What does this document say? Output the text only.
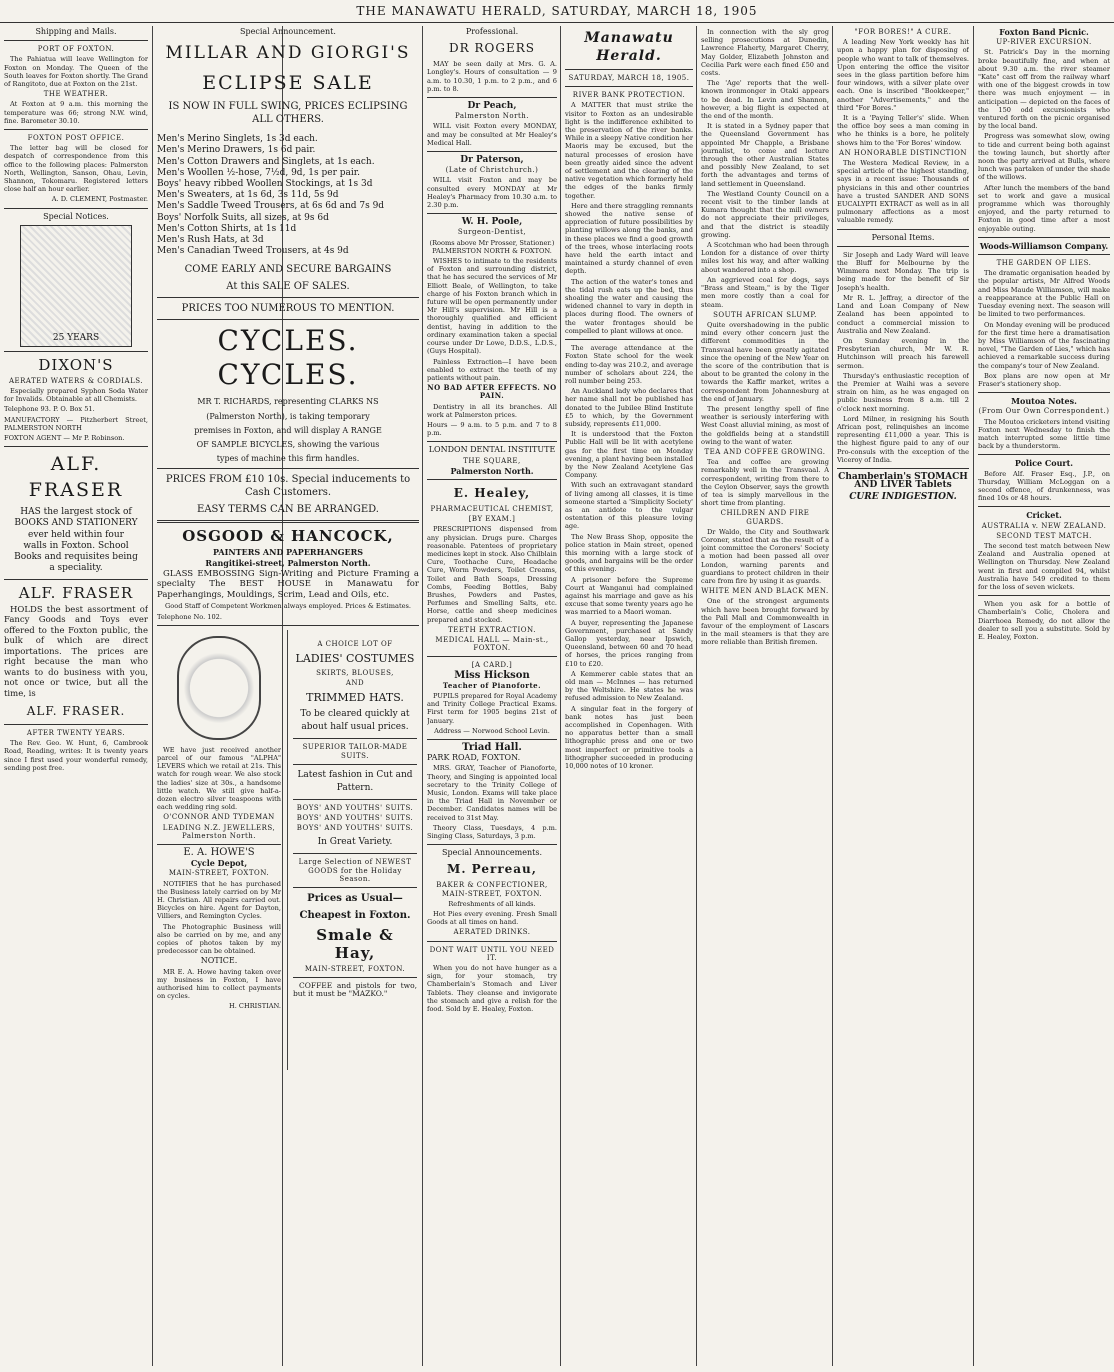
THE MANAWATU HERALD, SATURDAY, MARCH 18, 1905
Shipping and Mails.
PORT OF FOXTON.

The Pahiatua will leave Wellington for Foxton on Monday. The Queen of the South leaves for Foxton shortly. The Grand of Rangitoto, due at Foxton on the 21st.

THE WEATHER.

At Foxton at 9 a.m. this morning the temperature was 66; strong N.W. wind, fine. Barometer 30.10.

FOXTON POST OFFICE.

The letter bag will be closed for despatch of correspondence from this office to the following places: Palmerston North, Wellington, Sanson, Ohau, Levin, Shannon, Tokomaru. Registered letters close half an hour earlier.

A. D. CLEMENT, Postmaster.

Special Notices.
25 YEARS
DIXON'S
AERATED WATERS & CORDIALS.

Especially prepared Syphon Soda Water for Invalids. Obtainable at all Chemists.

Telephone 93. P. O. Box 51.

MANUFACTORY — Pitzherbert Street, PALMERSTON NORTH

FOXTON AGENT — Mr P. Robinson.

ALF. FRASER
HAS the largest stock of
BOOKS AND STATIONERY
ever held within four
walls in Foxton. School
Books and requisites being
a speciality.
ALF. FRASER

HOLDS the best assortment of Fancy Goods and Toys ever offered to the Foxton public, the bulk of which are direct importations. The prices are right because the man who wants to do business with you, not once or twice, but all the time, is

ALF. FRASER.
AFTER TWENTY YEARS.

The Rev. Geo. W. Hunt, 6, Cambrook Road, Reading, writes: It is twenty years since I first used your wonderful remedy, sending post free.

Special Announcement.
MILLAR AND GIORGI'S
ECLIPSE SALE
IS NOW IN FULL SWING, PRICES ECLIPSING ALL OTHERS.
Men's Merino Singlets, 1s 3d each.
Men's Merino Drawers, 1s 6d pair.
Men's Cotton Drawers and Singlets, at 1s each.
Men's Woollen ½-hose, 7½d, 9d, 1s per pair.
Boys' heavy ribbed Woollen Stockings, at 1s 3d
Men's Sweaters, at 1s 6d, 3s 11d, 5s 9d
Men's Saddle Tweed Trousers, at 6s 6d and 7s 9d
Boys' Norfolk Suits, all sizes, at 9s 6d
Men's Cotton Shirts, at 1s 11d
Men's Rush Hats, at 3d
Men's Canadian Tweed Trousers, at 4s 9d
COME EARLY AND SECURE BARGAINS
At this SALE OF SALES.
PRICES TOO NUMEROUS TO MENTION.
CYCLES. CYCLES.
MR T. RICHARDS, representing CLARKS NS
(Palmerston North), is taking temporary
premises in Foxton, and will display A RANGE
OF SAMPLE BICYCLES, showing the various
types of machine this firm handles.
PRICES FROM £10 10s. Special inducements to Cash Customers.
EASY TERMS CAN BE ARRANGED.
OSGOOD & HANCOCK,
PAINTERS AND PAPERHANGERS
Rangitikei-street, Palmerston North.

GLASS EMBOSSING Sign-Writing and Picture Framing a specialty The BEST HOUSE in Manawatu for Paperhangings, Mouldings, Scrim, Lead and Oils, etc.

Good Staff of Competent Workmen always employed. Prices & Estimates.

Telephone No. 102.

WE have just received another parcel of our famous "ALPHA" LEVERS which we retail at 21s. This watch for rough wear. We also stock the ladies' size at 30s., a handsome little watch. We still give half-a-dozen electro silver teaspoons with each wedding ring sold.

O'CONNOR AND TYDEMAN
LEADING N.Z. JEWELLERS, Palmerston North.
E. A. HOWE'S
Cycle Depot,
MAIN-STREET, FOXTON.

NOTIFIES that he has purchased the Business lately carried on by Mr H. Christian. All repairs carried out. Bicycles on hire. Agent for Dayton, Villiers, and Remington Cycles.

The Photographic Business will also be carried on by me, and any copies of photos taken by my predecessor can be obtained.

NOTICE.

MR E. A. Howe having taken over my business in Foxton, I have authorised him to collect payments on cycles.

H. CHRISTIAN.

A CHOICE LOT OF
LADIES' COSTUMES
SKIRTS, BLOUSES,
AND
TRIMMED HATS.
To be cleared quickly at about half usual prices.
SUPERIOR TAILOR-MADE SUITS.
Latest fashion in Cut and Pattern.
BOYS' AND YOUTHS' SUITS.
BOYS' AND YOUTHS' SUITS.
BOYS' AND YOUTHS' SUITS.
In Great Variety.
Large Selection of NEWEST GOODS for the Holiday Season.
Prices as Usual—
Cheapest in Foxton.
Smale & Hay,
MAIN-STREET, FOXTON.

COFFEE and pistols for two, but it must be "MAZKO."

Professional.
DR ROGERS

MAY be seen daily at Mrs. G. A. Longley's. Hours of consultation — 9 a.m. to 10.30, 1 p.m. to 2 p.m., and 6 p.m. to 8.

Dr Peach,
Palmerston North.

WILL visit Foxton every MONDAY, and may be consulted at Mr Healey's Medical Hall.

Dr Paterson,
(Late of Christchurch.)

WILL visit Foxton and may be consulted every MONDAY at Mr Healey's Pharmacy from 10.30 a.m. to 2.30 p.m.

W. H. Poole,
Surgeon-Dentist,

(Rooms above Mr Prosser, Stationer.) PALMERSTON NORTH & FOXTON.

WISHES to intimate to the residents of Foxton and surrounding district, that he has secured the services of Mr Elliott Beale, of Wellington, to take charge of his Foxton branch which in future will be open permanently under Mr Hill's supervision. Mr Hill is a thoroughly qualified and efficient dentist, having in addition to the ordinary examination taken a special course under Dr Lowe, D.D.S., L.D.S., (Guys Hospital).

Painless Extraction—I have been enabled to extract the teeth of my patients without pain.

NO BAD AFTER EFFECTS. NO PAIN.

Dentistry in all its branches. All work at Palmerston prices.

Hours — 9 a.m. to 5 p.m. and 7 to 8 p.m.

LONDON DENTAL INSTITUTE
THE SQUARE,
Palmerston North.
E. Healey,
PHARMACEUTICAL CHEMIST,
[BY EXAM.]

PRESCRIPTIONS dispensed from any physician. Drugs pure. Charges reasonable. Patentees of proprietary medicines kept in stock. Also Chilblain Cure, Toothache Cure, Headache Cure, Worm Powders, Toilet Creams, Toilet and Bath Soaps, Dressing Combs, Feeding Bottles, Baby Brushes, Powders and Pastes, Perfumes and Smelling Salts, etc. Horse, cattle and sheep medicines prepared and stocked.

TEETH EXTRACTION.
MEDICAL HALL — Main-st., FOXTON.
[A CARD.]
Miss Hickson
Teacher of Pianoforte.

PUPILS prepared for Royal Academy and Trinity College Practical Exams. First term for 1905 begins 21st of January.

Address — Norwood School Levin.

Triad Hall.

PARK ROAD, FOXTON.

MRS. GRAY, Teacher of Pianoforte, Theory, and Singing is appointed local secretary to the Trinity College of Music, London. Exams will take place in the Triad Hall in November or December. Candidates names will be received to 31st May.

Theory Class, Tuesdays, 4 p.m. Singing Class, Saturdays, 3 p.m.

Special Announcements.
M. Perreau,
BAKER & CONFECTIONER, MAIN-STREET, FOXTON.

Refreshments of all kinds.

Hot Pies every evening. Fresh Small Goods at all times on hand.

AERATED DRINKS.
DONT WAIT UNTIL YOU NEED IT.

When you do not have hunger as a sign, for your stomach, try Chamberlain's Stomach and Liver Tablets. They cleanse and invigorate the stomach and give a relish for the food. Sold by E. Healey, Foxton.

Manawatu Herald.
SATURDAY, MARCH 18, 1905.
RIVER BANK PROTECTION.

A MATTER that must strike the visitor to Foxton as an undesirable light is the indifference exhibited to the preservation of the river banks. While in a sleepy Native condition her Maoris may be excused, but the natural processes of erosion have been greatly aided since the advent of settlement and the clearing of the native vegetation which formerly held the edges of the banks firmly together.

Here and there straggling remnants showed the native sense of appreciation of future possibilities by planting willows along the banks, and in these places we find a good growth of the trees, whose interlacing roots have held the earth intact and maintained a sturdy channel of even depth.

The action of the water's tones and the tidal rush eats up the bed, thus shoaling the water and causing the widened channel to vary in depth in places during flood. The owners of the water frontages should be compelled to plant willows at once.

The average attendance at the Foxton State school for the week ending to-day was 210.2, and average number of scholars about 224, the roll number being 253.

An Auckland lady who declares that her name shall not be published has donated to the Jubilee Blind Institute £5 to which, by the Government subsidy, represents £11,000.

It is understood that the Foxton Public Hall will be lit with acetylene gas for the first time on Monday evening, a plant having been installed by the New Zealand Acetylene Gas Company.

With such an extravagant standard of living among all classes, it is time someone started a 'Simplicity Society' as an antidote to the vulgar ostentation of this pleasure loving age.

The New Brass Shop, opposite the police station in Main street, opened this morning with a large stock of goods, and bargains will be the order of this evening.

A prisoner before the Supreme Court at Wanganui had complained against his marriage and gave as his excuse that some twenty years ago he was married to a Maori woman.

A buyer, representing the Japanese Government, purchased at Sandy Gallop yesterday, near Ipswich, Queensland, between 60 and 70 head of horses, the prices ranging from £10 to £20.

A Kemmerer cable states that an old man — McInnes — has returned by the Weltshire. He states he was refused admission to New Zealand.

A singular feat in the forgery of bank notes has just been accomplished in Copenhagen. With no apparatus better than a small lithographic press and one or two most imperfect or primitive tools a lithographer succeeded in producing 10,000 notes of 10 kroner.

In connection with the sly grog selling prosecutions at Dunedin, Lawrence Flaherty, Margaret Cherry, May Golder, Elizabeth Johnston and Cecilia Park were each fined £50 and costs.

The 'Age' reports that the well-known ironmonger in Otaki appears to be dead. In Levin and Shannon, however, a big flight is expected at the end of the month.

It is stated in a Sydney paper that the Queensland Government has appointed Mr Chapple, a Brisbane journalist, to come and lecture through the other Australian States and possibly New Zealand, to set forth the advantages and terms of land settlement in Queensland.

The Westland County Council on a recent visit to the timber lands at Kumara thought that the mill owners do not appreciate their privileges, and that the district is steadily growing.

A Scotchman who had been through London for a distance of over thirty miles lost his way, and after walking about wandered into a shop.

An aggrieved coal for dogs, says "Brass and Steam," is by the Tiger men more costly than a coal for steam.

SOUTH AFRICAN SLUMP.

Quite overshadowing in the public mind every other concern just the different commodities in the Transvaal have been greatly agitated since the opening of the New Year on the score of the contribution that is about to be granted the colony in the towards the Kaffir market, writes a correspondent from Johannesburg at the end of January.

The present lengthy spell of fine weather is seriously interfering with West Coast alluvial mining, as most of the goldfields being at a standstill owing to the want of water.

TEA AND COFFEE GROWING.

Tea and coffee are growing remarkably well in the Transvaal. A correspondent, writing from there to the Ceylon Observer, says the growth of tea is simply marvellous in the short time from planting.

CHILDREN AND FIRE GUARDS.

Dr Waldo, the City and Southwark Coroner, stated that as the result of a joint committee the Coroners' Society a motion had been passed all over London, warning parents and guardians to protect children in their care from fire by using it as guards.

WHITE MEN AND BLACK MEN.

One of the strongest arguments which have been brought forward by the Pall Mall and Commonwealth in favour of the employment of Lascars in the mail steamers is that they are more reliable than British firemen.

"FOR BORES!" A CURE.

A leading New York weekly has hit upon a happy plan for disposing of people who want to talk of themselves. Upon entering the office the visitor sees in the glass partition before him four windows, with a silver plate over each. One is inscribed "Bookkeeper," another "Advertisements," and the third "For Bores."

It is a 'Paying Teller's' slide. When the office boy sees a man coming in who he thinks is a bore, he politely shows him to the 'For Bores' window.

AN HONORABLE DISTINCTION

The Westera Medical Review, in a special article of the highest standing, says in a recent issue: Thousands of physicians in this and other countries have a trusted SANDER AND SONS EUCALYPTI EXTRACT as well as in all pulmonary affections as a most valuable remedy.

Personal Items.

Sir Joseph and Lady Ward will leave the Bluff for Melbourne by the Wimmera next Monday. The trip is being made for the benefit of Sir Joseph's health.

Mr R. L. Jeffray, a director of the Land and Loan Company of New Zealand has been appointed to conduct a commercial mission to Australia and New Zealand.

On Sunday evening in the Presbyterian church, Mr W. R. Hutchinson will preach his farewell sermon.

Thursday's enthusiastic reception of the Premier at Waihi was a severe strain on him, as he was engaged on public business from 8 a.m. till 2 o'clock next morning.

Lord Milner, in resigning his South African post, relinquishes an income representing £11,000 a year. This is the highest figure paid to any of our Pro-consuls with the exception of the Viceroy of India.

Chamberlain's STOMACH AND LIVER Tablets
CURE INDIGESTION.
Foxton Band Picnic.
UP-RIVER EXCURSION.

St. Patrick's Day in the morning broke beautifully fine, and when at about 9.30 a.m. the river steamer "Kate" cast off from the railway wharf with one of the biggest crowds in tow there was much enjoyment — in anticipation — depicted on the faces of the 150 odd excursionists who ventured forth on the picnic organised by the local band.

Progress was somewhat slow, owing to tide and current being both against the towing launch, but shortly after noon the party arrived at Bulls, where lunch was partaken of under the shade of the willows.

After lunch the members of the band set to work and gave a musical programme which was thoroughly enjoyed, and the party returned to Foxton in good time after a most enjoyable outing.

Woods-Williamson Company.
THE GARDEN OF LIES.

The dramatic organisation headed by the popular artists, Mr Alfred Woods and Miss Maude Williamson, will make a reappearance at the Public Hall on Tuesday evening next. The season will be limited to two performances.

On Monday evening will be produced for the first time here a dramatisation by Miss Williamson of the fascinating novel, "The Garden of Lies," which has achieved a remarkable success during the company's tour of New Zealand.

Box plans are now open at Mr Fraser's stationery shop.

Moutoa Notes.
(From Our Own Correspondent.)

The Moutoa cricketers intend visiting Foxton next Wednesday to finish the match interrupted some little time back by a thunderstorm.

Police Court.

Before Alf. Fraser Esq., J.P., on Thursday, William McLoggan on a second offence, of drunkenness, was fined 10s or 48 hours.

Cricket.
AUSTRALIA v. NEW ZEALAND.
SECOND TEST MATCH.

The second test match between New Zealand and Australia opened at Wellington on Thursday. New Zealand went in first and compiled 94, whilst Australia have 549 credited to them for the loss of seven wickets.

When you ask for a bottle of Chamberlain's Colic, Cholera and Diarrhoea Remedy, do not allow the dealer to sell you a substitute. Sold by E. Healey, Foxton.
